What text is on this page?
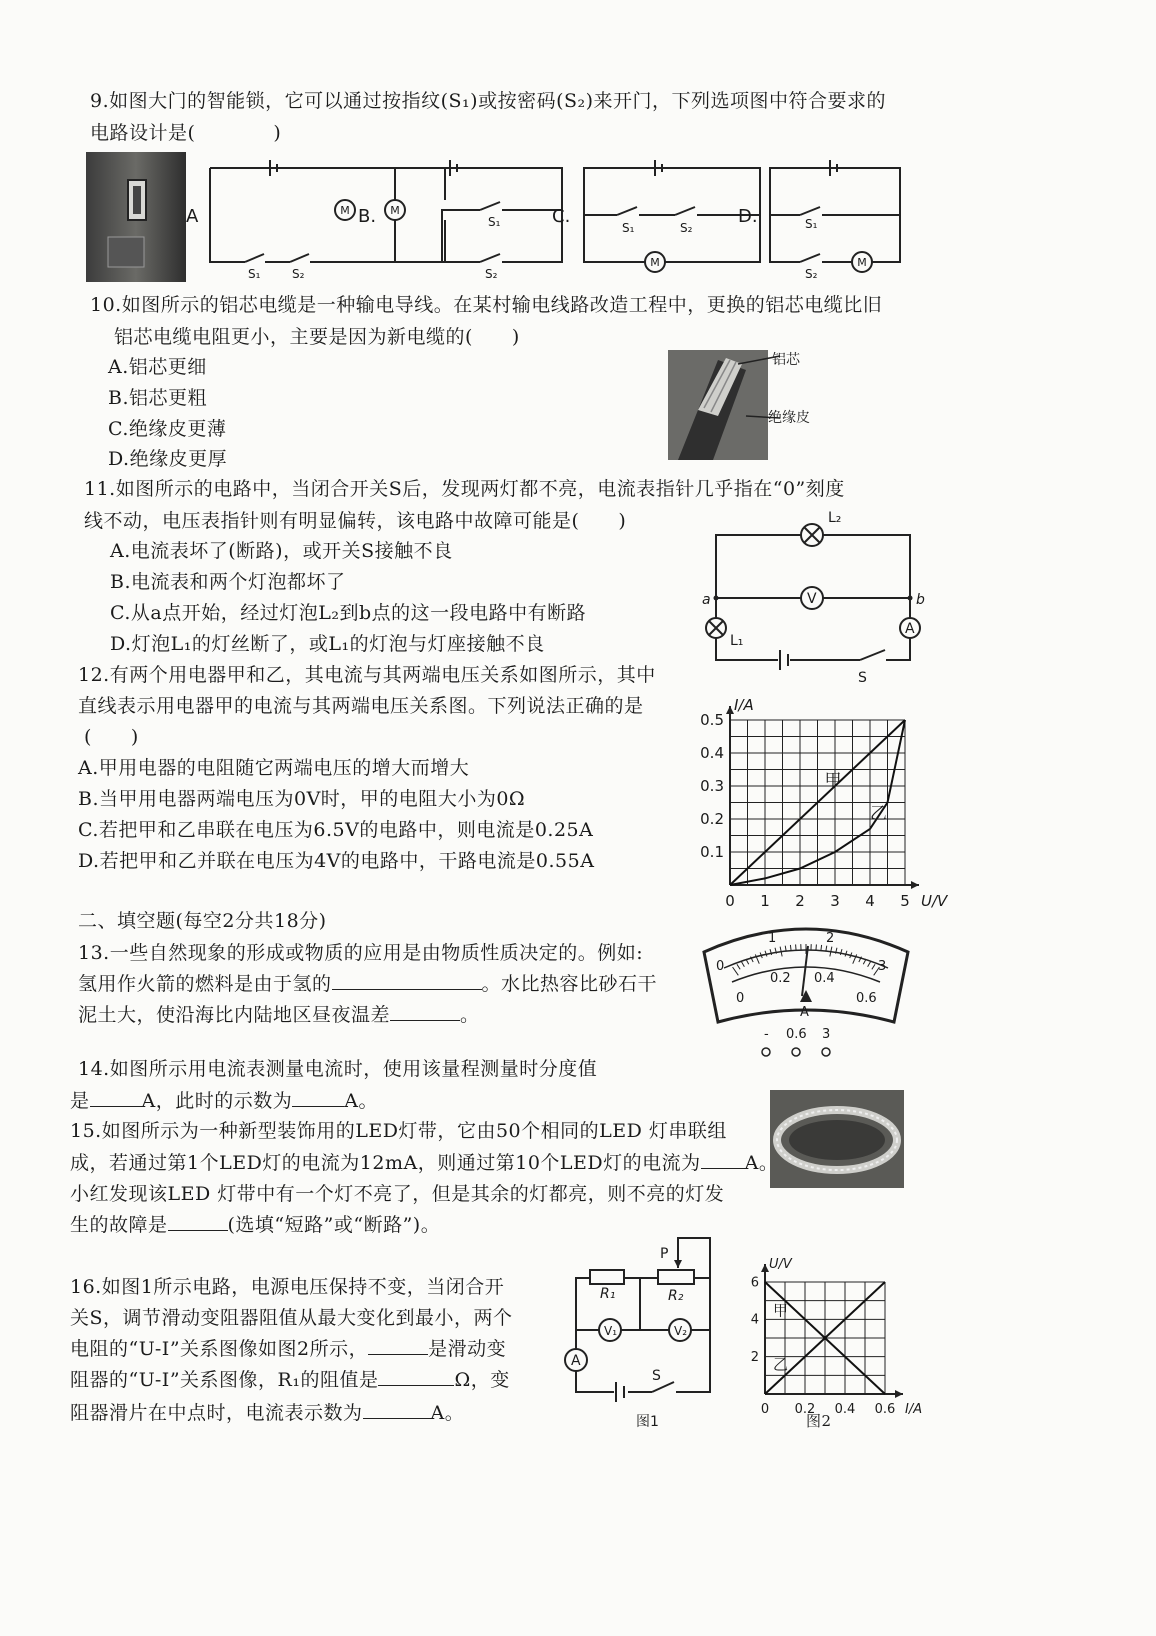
9.如图大门的智能锁，它可以通过按指纹(S₁)或按密码(S₂)来开门，下列选项图中符合要求的
电路设计是(　　　　)
M	M
M	M
S₁	S₂
S₁
S₂
S₁	S₂	S₁
S₂
A	B.	C.	D.
10.如图所示的铝芯电缆是一种输电导线。在某村输电线路改造工程中，更换的铝芯电缆比旧
铝芯电缆电阻更小，主要是因为新电缆的(　　)
A.铝芯更细
B.铝芯更粗
C.绝缘皮更薄
D.绝缘皮更厚
铝芯
绝缘皮
11.如图所示的电路中，当闭合开关S后，发现两灯都不亮，电流表指针几乎指在“0”刻度
线不动，电压表指针则有明显偏转，该电路中故障可能是(　　)
A.电流表坏了(断路)，或开关S接触不良
B.电流表和两个灯泡都坏了
C.从a点开始，经过灯泡L₂到b点的这一段电路中有断路
D.灯泡L₁的灯丝断了，或L₁的灯泡与灯座接触不良
L₂
L₁
a	b
V
A
S
12.有两个用电器甲和乙，其电流与其两端电压关系如图所示，其中
直线表示用电器甲的电流与其两端电压关系图。下列说法正确的是
(　　)
A.甲用电器的电阻随它两端电压的增大而增大
B.当甲用电器两端电压为0V时，甲的电阻大小为0Ω
C.若把甲和乙串联在电压为6.5V的电路中，则电流是0.25A
D.若把甲和乙并联在电压为4V的电路中，干路电流是0.55A
0 1 2 3 4 5
0.1
0.2
0.3
0.4
0.5
U/V
I/A
甲
乙
二、填空题(每空2分共18分)
13.一些自然现象的形成或物质的应用是由物质性质决定的。例如:
氢用作火箭的燃料是由于氢的	。水比热容比砂石干
泥土大，使沿海比内陆地区昼夜温差	。
0
1	2
3
0
0.2 0.4
0.6
A
- 0.6 3
14.如图所示用电流表测量电流时，使用该量程测量时分度值
是	A，此时的示数为	A。
15.如图所示为一种新型装饰用的LED灯带，它由50个相同的LED 灯串联组
成，若通过第1个LED灯的电流为12mA，则通过第10个LED灯的电流为 A。
小红发现该LED 灯带中有一个灯不亮了，但是其余的灯都亮，则不亮的灯发
生的故障是	(选填“短路”或“断路”)。
16.如图1所示电路，电源电压保持不变，当闭合开
关S，调节滑动变阻器阻值从最大变化到最小，两个
电阻的“U-I”关系图像如图2所示，	是滑动变
阻器的“U-I”关系图像，R₁的阻值是	Ω，变
阻器滑片在中点时，电流表示数为	A。
R₁	R₂
P
V₁	V₂
A
S
图1
0 0.2 0.4 0.6
2
4
6
I/A
U/V
甲
乙
图2
